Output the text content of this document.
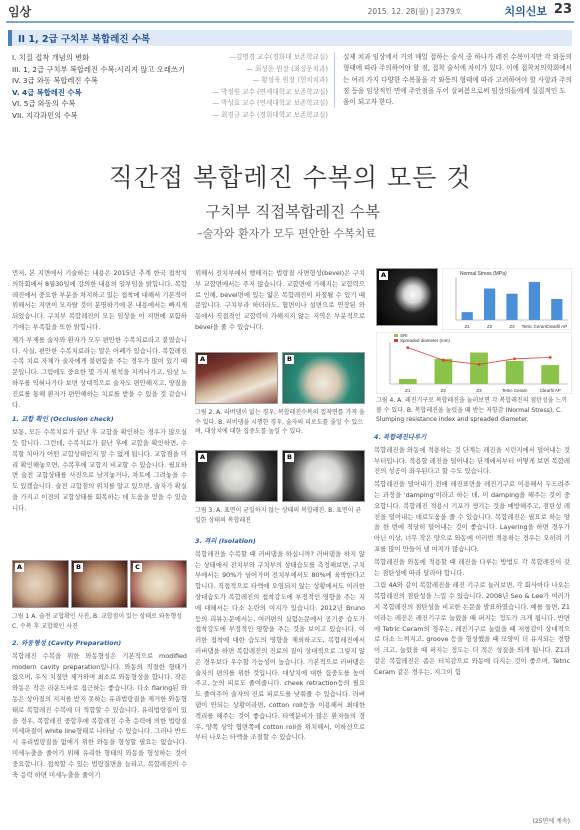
임상	2015. 12. 28(월) | 2379호	치의신보 23
II 1, 2급 구치부 복합레진 수복
I. 치질 접착 개념의 변화	—김명경 교수(경희대 보존학교실)
III. 1, 2급 구치부 복합레진 수복:시리지 않고 오래쓰기	— 최성운 원장 (최성운치과)
IV. 3급 와동 복합레진 수복	— 황성욱 원장 (헌치치과)
V. 4급 복합레진 수복	— 박정원 교수 (연세대학교 보존학교실)
VI. 5급 와동의 수복	— 박성호 교수 (연세대학교 보존학교실)
VII. 지각과민의 수복	— 최경규 교수 (경희대학교 보존학교실)
실제 치과 임상에서 거의 매일 접하는 술식 중 하나가 레진 수복이지만 각 와동의 형태에 따라 주의하여야 할 점, 접착 술식에 차이가 있다. 이에 접착치의학회에서는 여러 가지 다양한 수복물을 각 와동의 형태에 따라 고려하여야 할 사항과 주의점 등을 임상적인 면에 주안점을 두어 살펴봄으로써 임상의들에게 실질적인 도움이 되고자 한다.
직간접 복합레진 수복의 모든 것
구치부 직접복합레진 수복
–술자와 환자가 모두 편안한 수복치료

먼저, 본 지면에서 기술하는 내용은 2015년 추계 한국 접착치의학회에서 8월30일에 강의한 내용의 일부임을 밝힙니다. 복합레진에서 중요한 부분을 차지하고 있는 접착에 대해서 기본적이 위해서는 지면이 모자랄 것이 분명하기에 본 내용에서는 빠지게 되었습니다. 구치부 복합레진의 모든 임상을 이 지면에 포함하기에는 부족함을 또한 밝힙니다.

제가 부제를 술자와 환자가 모두 편안한 수복치료라고 붙였습니다. 사실, 편안한 수복치료라는 말은 어폐가 있습니다. 복합레진 수복 치료 자체가 술자에게 불편함을 주는 경우가 많이 있기 때문입니다. 그럼에도 중요한 몇 가지 원칙을 지켜나가고, 임상 노하우를 익혀나가다 보면 상대적으로 술자도 편안해지고, 양질을 진료를 통해 환자가 편안해하는 치료를 받을 수 있을 것 같습니다.

1. 교합 확인 (Occlusion check)

보통, 모든 수복치료가 끝난 후 교합을 확인하는 경우가 많으실 듯 합니다. 그런데, 수복치료가 끝난 후에 교합을 확인하면, 수복할 치아가 어떤 교합상태인지 알 수 없게 됩니다. 교합점을 미리 확인해놓으면, 수복후에 교합지 비교할 수 있습니다. 필요하면 술전 교합상태를 사진으로 남겨놓거나, 차트에 그려놓을 수도 있겠습니다. 술전 교합점의 위치를 알고 있으면, 술자가 확실을 가지고 이전의 교합상태를 회복하는 데 도움을 얻을 수 있습니다.

A	B	C
그림 1 A. 술전 교합확인 사진, B. 교합점이 있는 상태로 와동형성 C. 수복 후 교합확인 사진
2. 와동형성 (Cavity Preparation)

복합레진 수복을 위한 와동형성은 기본적으로 modified modern cavity preparation입니다. 와동의 적절한 형태가 없으며, 우식 치질만 제거하며 최소로 와동형성을 합니다. 작은 와동은 작은 라운드바로 접근하는 좋습니다. 다소 flaring된 와동은 상아질의 지지를 받지 못하는 유리법랑질을 제거한 와동형태로 복합레진 수복에 더 적합할 수 있습니다. 유리법랑질이 있을 경우, 복합레진 중합후에 복합레진 수축 응력에 의한 법랑질 미세파절이 white line형태로 나타날 수 있습니다. 그러나 반드시 유리법랑질을 없애기 위한 와동을 형성할 필요는 없습니다. 미세누출을 줄이기 위해 유리한 형태의 와동을 형성하는 것이 중요합니다. 접착할 수 있는 법랑질면을 늘리고, 복합레진의 수축 응력 하면 미세누출을 줄이기

위해서 전치부에서 행해지는 법랑질 사면형성(bevel)은 구치부 교합면에서는 주지 않습니다. 교합면에 가해지는 교합력으로 인해, bevel면에 있는 얇은 복합레진이 파절될 수 있기 때문입니다. 구치부라 하더라도, 협면이나 설면으로 연장된 와동에서 직접적인 교합력이 가해지지 않는 지역은 부분적으로 bevel을 줄 수 있습니다.

A	B
그림 2. A. 러버댐이 없는 경우, 복합레진수복의 접착면를 가져 올 수 있다. B. 러버댐을 시행한 경우, 술자의 피로도를 줄일 수 있으며, 대상치에 대한 집중도를 높일 수 있다.
A	B
그림 3. A. 표면이 균일하지 않는 상태의 복합레진. B. 표면이 균일한 상태의 복합레진
3. 격리 (Isolation)

복합레진을 수복할 때 러버댐을 하십니까? 러버댐을 하지 않는 상태에서 전치부와 구치부의 상태습도를 측정해보면, 구치부에서는 90%가 넘어가며 전치부에서도 80%에 육박한다고 합니다. 직접적으로 타액에 오염되지 않는 상황에서도 이러한 상대습도가 복합레진의 접착강도에 부정적인 영향을 주는 지에 대해서는 다소 논란의 여지가 있습니다. 2012년 Bruno 등의 리뷰논문에서는, 여러편의 실험논문에서 공기중 습도가 접착강도에 부정적인 영향을 주는 것을 보이고 있습니다. 이러한 접착에 대한 습도의 영향을 제외하고도, 복합레진에서 러버댐을 하면 복합레진의 진료의 질이 상대적으로 그렇지 않은 경우보다 우수할 가능성이 높습니다. 기본적으로 러버댐은 술자의 편의를 위한 것입니다. 대상치에 대한 집중도를 높여주고, 눈의 피로도 줄여줍니다. cheek retraction등의 필요도 줄여주어 술자의 진료 피로도를 낮춰줄 수 있습니다. 러버댐이 안되는 상황이라면, cotton roll등을 이용해서 최대한 격리를 해주는 것이 좋습니다. 타액분비가 많은 환자들의 경우, 양쪽 상악 협면쪽에 cotton roll을 위치해서, 이하선으로부터 나오는 타액을 조절할 수 있습니다.

A
Z1	Z2	Z3 Tetric Ceram Clearfil AP
Normal Stress (MPa)
Z1	Z2	Z3	Tetric Ceram	Clearfil AP
SRI
Spreaded diameter (mm)
그림 4. A. 레진기구로 복합레진을 눌러보면 각 복합레진의 점탄성을 느끼볼 수 있다. B. 복합레진을 눌렀을 때 받는 저항감 (Normal Stress), C. Slumping resistance index and spreaded diameter.
4. 복합레진다루기

복합레진을 와동에 적용하는 것 단계는 레진을 시린지에서 덜어내는 것부터입니다. 적용할 레진을 덜어내는 단계에서부터 어떻게 보면 복합레진의 성공이 좌우된다고 할 수도 있습니다.

복합레진을 덜어내기 전에 레진표면을 레진기구로 이용해서 두드려주는 과정을 'damping'이라고 하는 데, 이 damping을 해주는 것이 중요합니다. 복합레진 적용시 기포가 생기는 것을 예방해주고, 점탄성 레진을 덜어내는 데로도움을 줄 수 있습니다. 복합레진은 필요로 하는 양을 한 번에 적당히 덜어내는 것이 좋습니다. Layering을 하면 경우가 아닌 이상, 너무 작은 양으로 와동에 이러번 적용하는 경우는 오히려 기포를 많이 만들어 낼 여지가 많습니다.

복합레진을 와동에 적용할 때 레진을 다루는 방법도 각 복합레진이 갖는 점탄성에 따라 달라야 합니다.

그림 4A와 같이 복합레진을 레진 기구로 눌러보면, 각 회사마다 나오는 복합레진의 점탄성을 느낄 수 있습니다. 2008년 Seo & Lee가 여러가지 복합레진의 점탄성을 비교한 논문을 발표하였습니다. 예를 들면, Z1이라는 레진은 레진기구로 눌렀을 때 퍼지는 정도가 크게 됩니다. 반면에 Tetric Ceram의 경우는, 레진기구로 눌렀을 때 저항감이 상대적으로 다소 느껴지고, groove 등을 형성했을 때 모양이 더 유지되는 경향이 크고, 눌렀을 때 퍼지는 정도는 더 적은 성질을 띄게 됩니다. Z1과 같은 복합레진은 좁은 터치감으로 와동에 다지는 것이 좋으며, Tetric Ceram 같은 경우는, 지그이 힘

(25면에 계속)
